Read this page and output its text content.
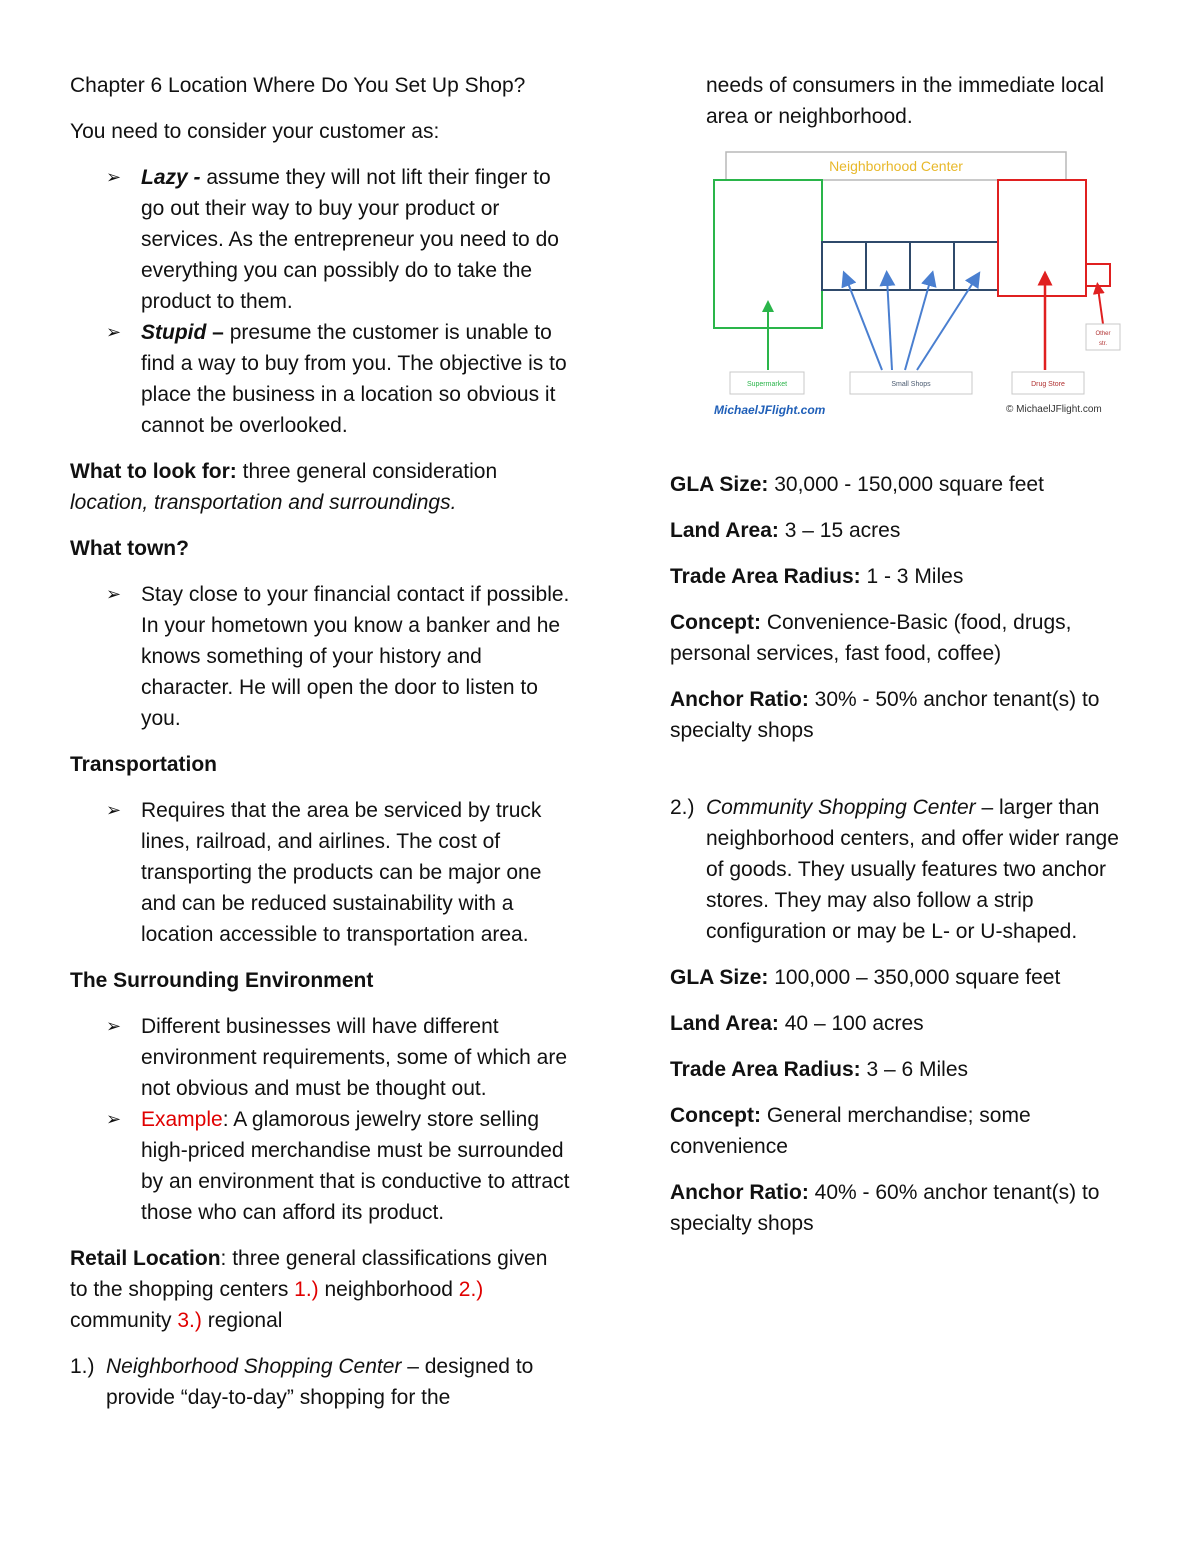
Chapter 6 Location Where Do You Set Up Shop?

You need to consider your customer as:

➢ Lazy - assume they will not lift their finger to go out their way to buy your product or services. As the entrepreneur you need to do everything you can possibly do to take the product to them.
➢ Stupid – presume the customer is unable to find a way to buy from you. The objective is to place the business in a location so obvious it cannot be overlooked.

What to look for: three general consideration location, transportation and surroundings.

What town?

➢ Stay close to your financial contact if possible. In your hometown you know a banker and he knows something of your history and character. He will open the door to listen to you.

Transportation

➢ Requires that the area be serviced by truck lines, railroad, and airlines. The cost of transporting the products can be major one and can be reduced sustainability with a location accessible to transportation area.

The Surrounding Environment

➢ Different businesses will have different environment requirements, some of which are not obvious and must be thought out.
➢ Example: A glamorous jewelry store selling high-priced merchandise must be surrounded by an environment that is conductive to attract those who can afford its product.

Retail Location: three general classifications given to the shopping centers 1.) neighborhood 2.) community 3.) regional

1.) Neighborhood Shopping Center – designed to provide “day-to-day” shopping for the

needs of consumers in the immediate local area or neighborhood.

GLA Size: 30,000 - 150,000 square feet

Land Area: 3 – 15 acres

Trade Area Radius: 1 - 3 Miles

Concept: Convenience-Basic (food, drugs, personal services, fast food, coffee)

Anchor Ratio: 30% - 50% anchor tenant(s) to specialty shops

2.) Community Shopping Center – larger than neighborhood centers, and offer wider range of goods. They usually features two anchor stores. They may also follow a strip configuration or may be L- or U-shaped.

GLA Size: 100,000 – 350,000 square feet

Land Area: 40 – 100 acres

Trade Area Radius: 3 – 6 Miles

Concept: General merchandise; some convenience

Anchor Ratio: 40% - 60% anchor tenant(s) to specialty shops

Neighborhood Center
Supermarket	Small Shops	Drug Store
Other
str.
MichaelJFlight.com	© MichaelJFlight.com
